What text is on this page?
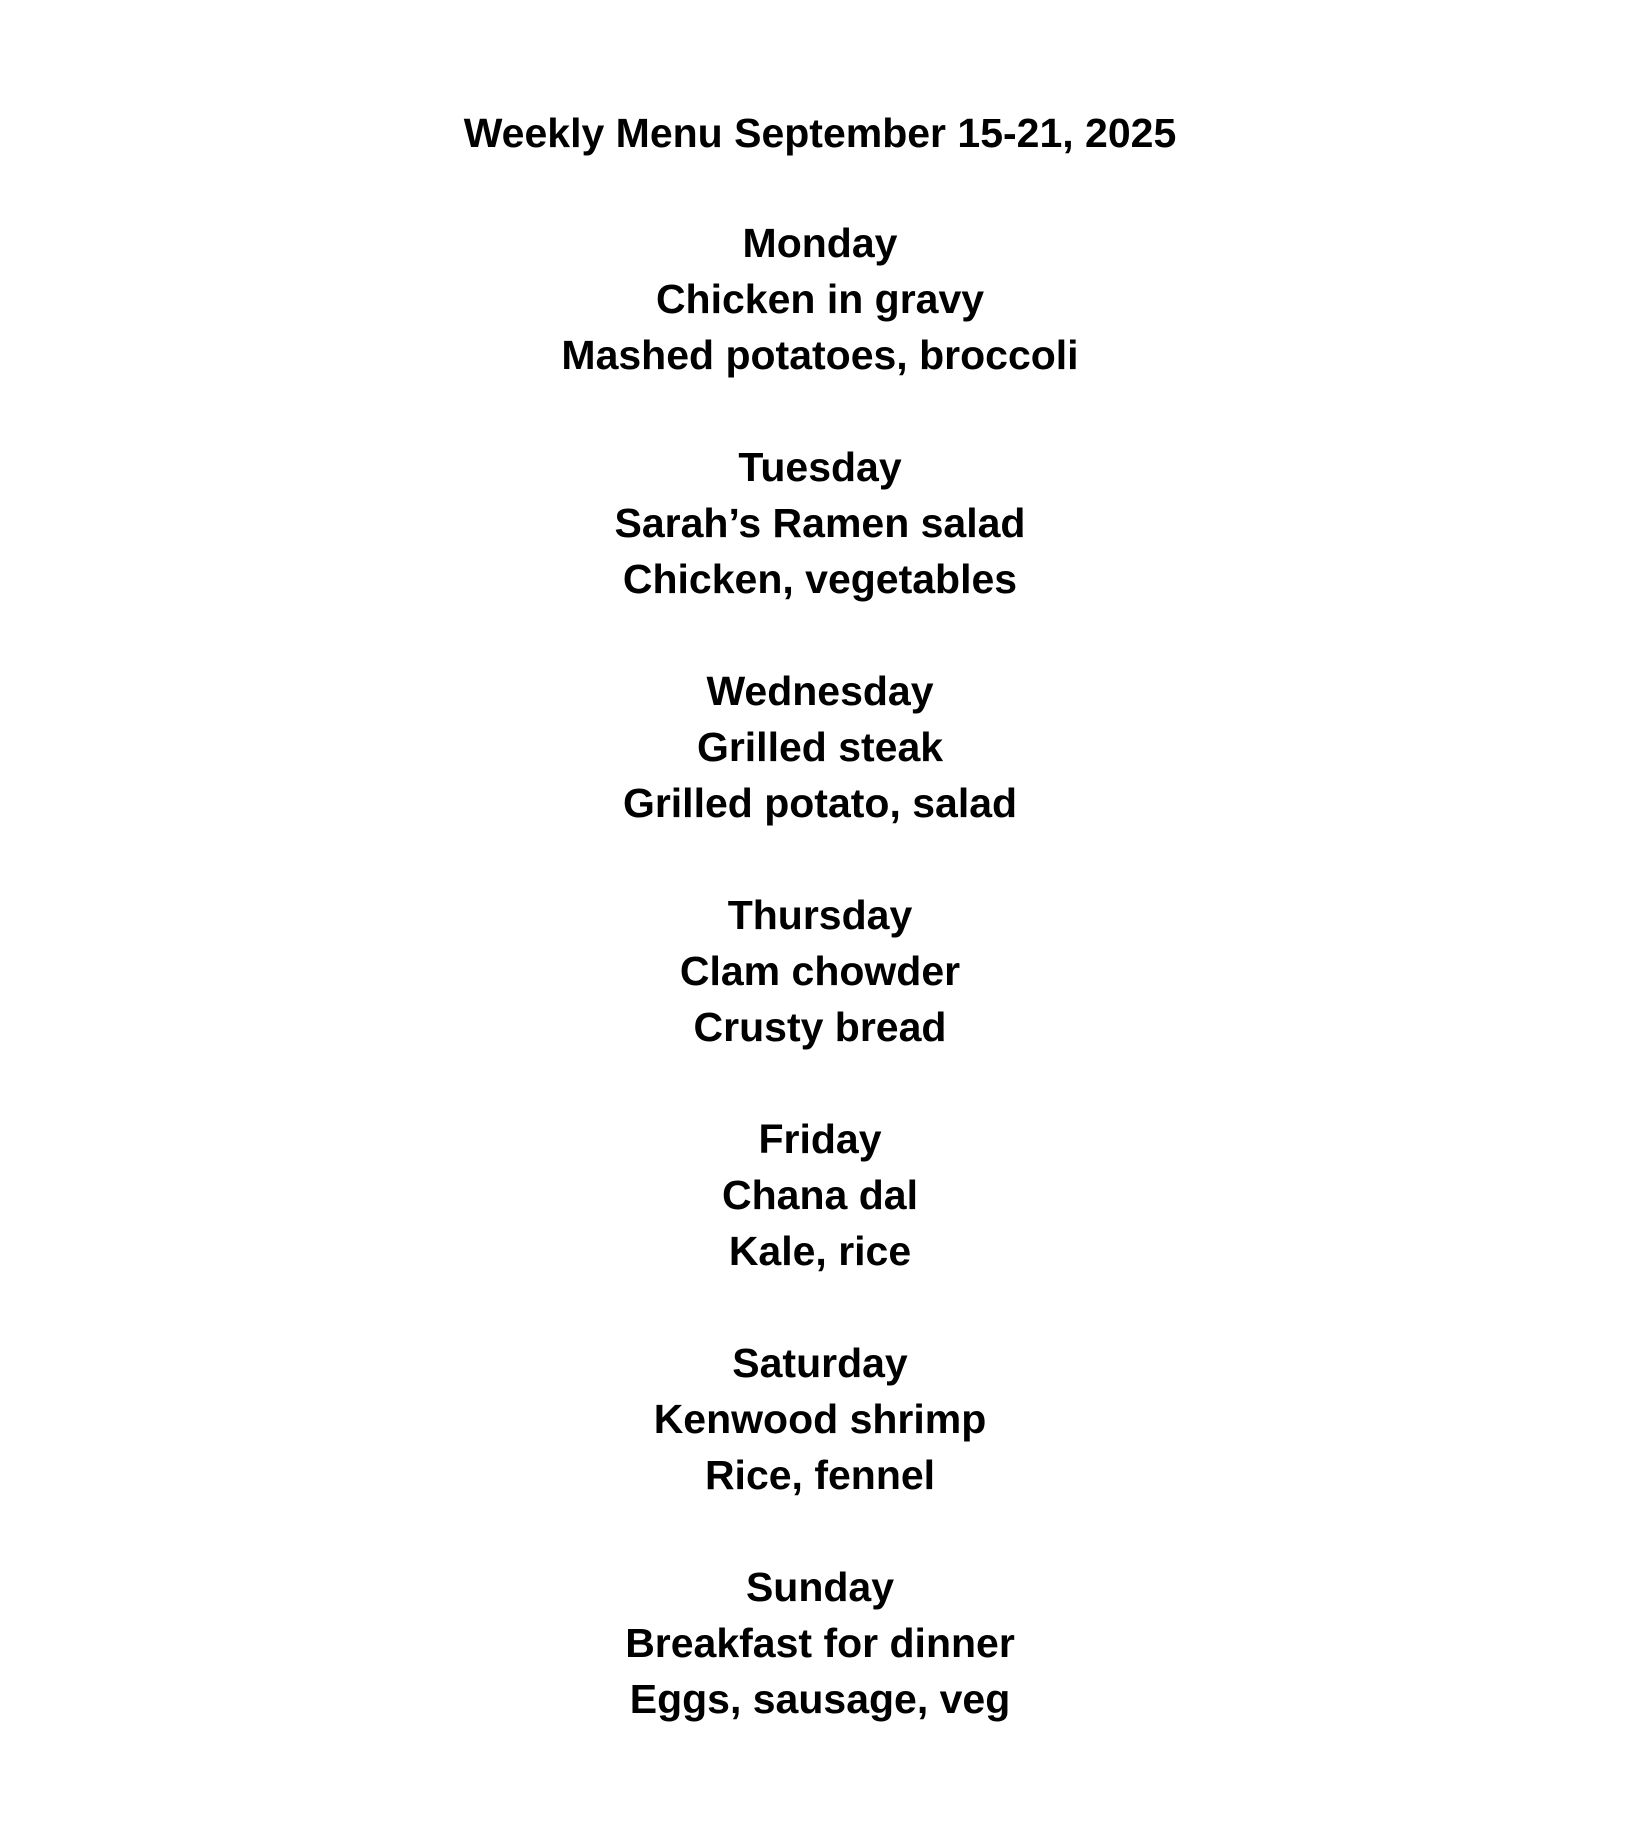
Weekly Menu September 15-21, 2025
Monday
Chicken in gravy
Mashed potatoes, broccoli
Tuesday
Sarah’s Ramen salad
Chicken, vegetables
Wednesday
Grilled steak
Grilled potato, salad
Thursday
Clam chowder
Crusty bread
Friday
Chana dal
Kale, rice
Saturday
Kenwood shrimp
Rice, fennel
Sunday
Breakfast for dinner
Eggs, sausage, veg
